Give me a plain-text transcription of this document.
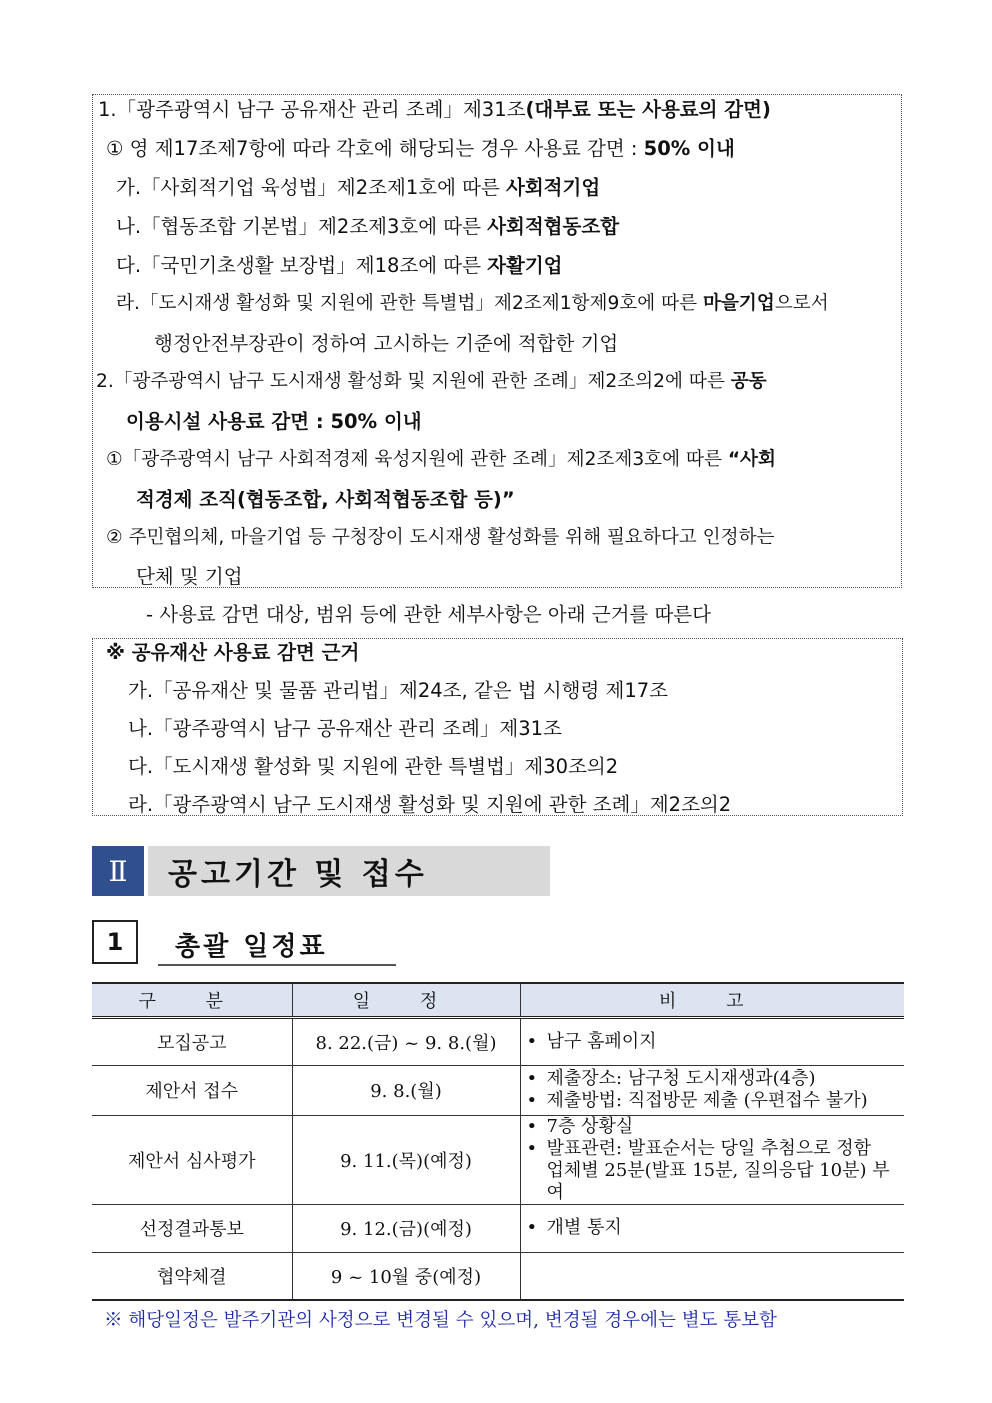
1.「광주광역시 남구 공유재산 관리 조례」제31조(대부료 또는 사용료의 감면)
① 영 제17조제7항에 따라 각호에 해당되는 경우 사용료 감면 : 50% 이내
가.「사회적기업 육성법」제2조제1호에 따른 사회적기업
나.「협동조합 기본법」제2조제3호에 따른 사회적협동조합
다.「국민기초생활 보장법」제18조에 따른 자활기업
라.「도시재생 활성화 및 지원에 관한 특별법」제2조제1항제9호에 따른 마을기업으로서
행정안전부장관이 정하여 고시하는 기준에 적합한 기업
2.「광주광역시 남구 도시재생 활성화 및 지원에 관한 조례」제2조의2에 따른 공동
이용시설 사용료 감면 : 50% 이내
①「광주광역시 남구 사회적경제 육성지원에 관한 조례」제2조제3호에 따른 “사회
적경제 조직(협동조합, 사회적협동조합 등)”
② 주민협의체, 마을기업 등 구청장이 도시재생 활성화를 위해 필요하다고 인정하는
단체 및 기업
- 사용료 감면 대상, 범위 등에 관한 세부사항은 아래 근거를 따른다
※ 공유재산 사용료 감면 근거
가.「공유재산 및 물품 관리법」제24조, 같은 법 시행령 제17조
나.「광주광역시 남구 공유재산 관리 조례」제31조
다.「도시재생 활성화 및 지원에 관한 특별법」제30조의2
라.「광주광역시 남구 도시재생 활성화 및 지원에 관한 조례」제2조의2
Ⅱ	공고기간 및 접수
1	총괄 일정표
구 분	일 정	비 고
모집공고	8. 22.(금) ~ 9. 8.(월)	• 남구 홈페이지

제안서 접수	9. 8.(월)	• 제출장소: 남구청 도시재생과(4층)
• 제출방법: 직접방문 제출 (우편접수 불가)

제안서 심사평가	9. 11.(목)(예정)	• 7층 상황실
• 발표관련: 발표순서는 당일 추첨으로 정함
업체별 25분(발표 15분, 질의응답 10분) 부여

선정결과통보	9. 12.(금)(예정)	• 개별 통지

협약체결	9 ~ 10월 중(예정)	
※ 해당일정은 발주기관의 사정으로 변경될 수 있으며, 변경될 경우에는 별도 통보함
